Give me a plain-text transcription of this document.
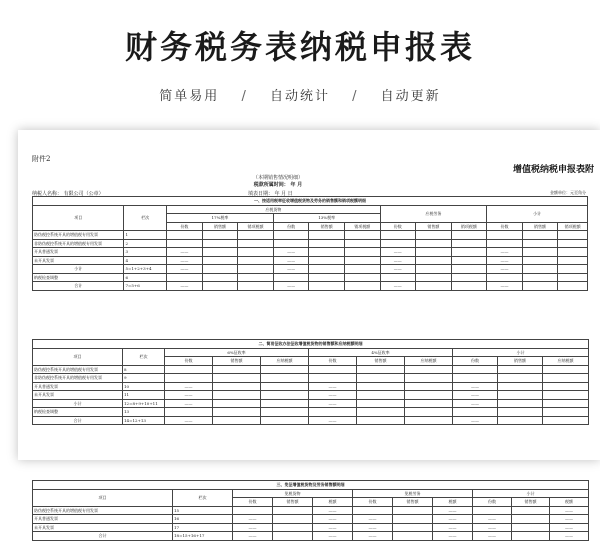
财务税务表纳税申报表
简单易用 / 自动统计 / 自动更新
附件2
增值税纳税申报表附
（本期销售情况明细）
税款所属时间： 年 月
纳税人名称： 有限公司（公章）	填表日期： 年 月 日	金额单位：元至角分
一、按适用税率征收增值税货物及劳务的销售额和销项税额明细													
项目	栏次	应税货物						应税劳务			小计		
		17%税率			13%税率								
		份数	销售额	销项税额	份数	销售额	销项税额	份数	销售额	销项税额	份数	销售额	销项税额
防伪税控系统开具的增值税专用发票	1												
非防伪税控系统开具的增值税专用发票	2												
开具普通发票	3	——			——			——			——		
未开具发票	4	——			——			——			——		
小计	5=1+2+3+4	——			——			——			——		
纳税检查调整	6												
合计	7=5+6	——			——			——			——		
二、简易征收办法征收增值税货物的销售额和应纳税额明细										
项目	栏次	6%征收率			4%征收率			小计		
		份数	销售额	应纳税额	份数	销售额	应纳税额	份数	销售额	应纳税额
防伪税控系统开具的增值税专用发票	8									
非防伪税控系统开具的增值税专用发票	9									
开具普通发票	10	——			——			——		
未开具发票	11	——			——			——		
小计	12=8+9+10+11	——			——			——		
纳税检查调整	13									
合计	14=12+13	——			——			——		
三、免征增值税货物及劳务销售额明细										
项目	栏次	免税货物			免税劳务			小计		
		份数	销售额	税额	份数	销售额	税额	份数	销售额	税额
防伪税控系统开具的增值税专用发票	15			——			——			——
开具普通发票	16	——		——	——		——	——		——
未开具发票	17	——		——	——		——	——		——
合计	18=15+16+17	——		——	——		——	——		——
